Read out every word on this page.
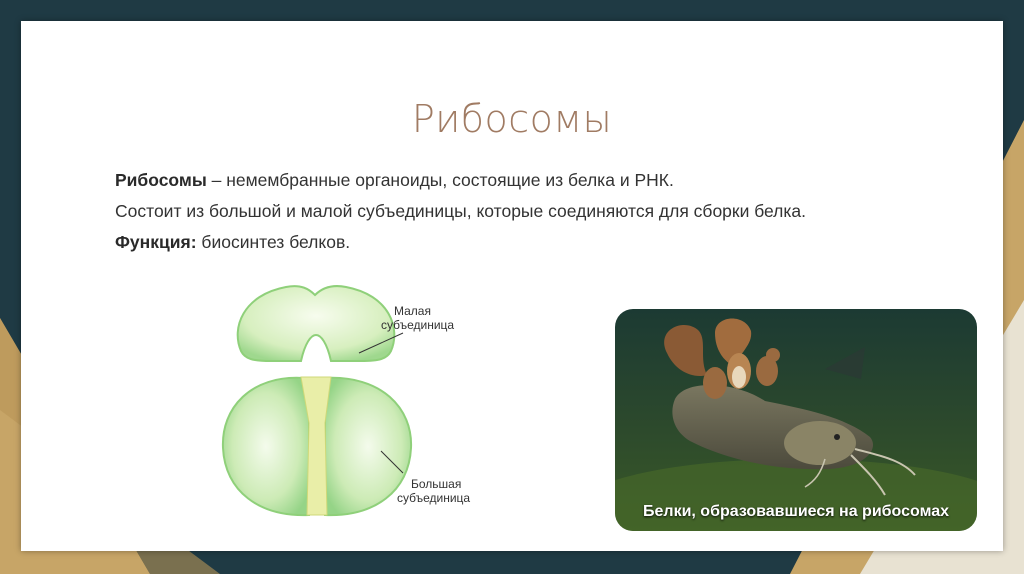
Рибосомы
Рибосомы – немембранные органоиды, состоящие из белка и РНК.
Состоит из большой и малой субъединицы, которые соединяются для сборки белка.
Функция: биосинтез белков.
Малая
субъединица
Большая
субъединица
Белки, образовавшиеся на рибосомах
